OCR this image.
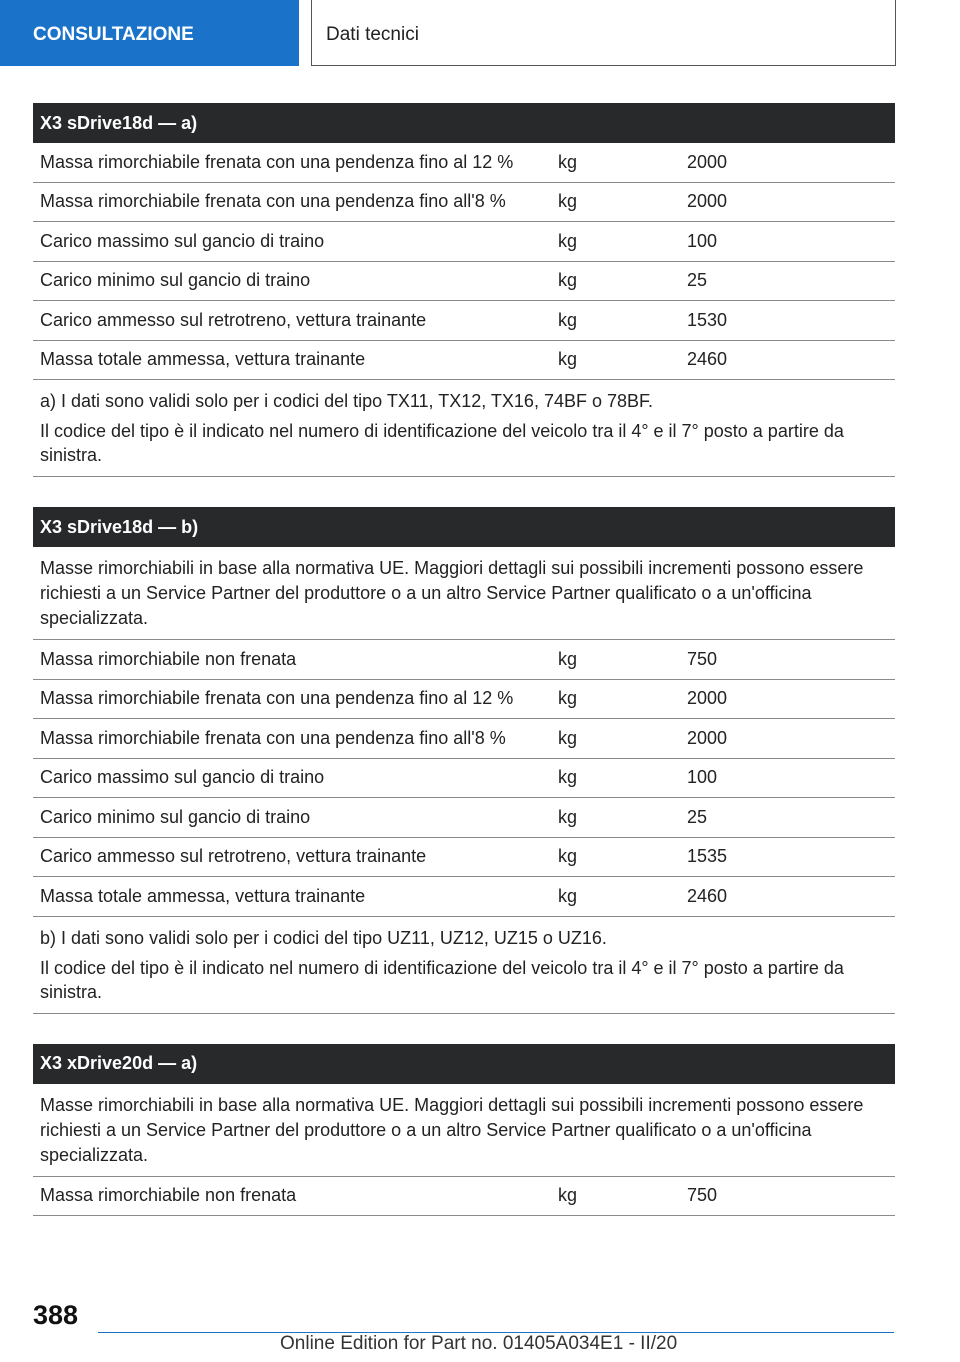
CONSULTAZIONE	Dati tecnici
X3 sDrive18d — a)
Massa rimorchiabile frenata con una pendenza fino al 12 %	kg	2000
Massa rimorchiabile frenata con una pendenza fino all'8 %	kg	2000
Carico massimo sul gancio di traino	kg	100
Carico minimo sul gancio di traino	kg	25
Carico ammesso sul retrotreno, vettura trainante	kg	1530
Massa totale ammessa, vettura trainante	kg	2460

a) I dati sono validi solo per i codici del tipo TX11, TX12, TX16, 74BF o 78BF.

Il codice del tipo è il indicato nel numero di identificazione del veicolo tra il 4° e il 7° posto a partire da sinistra.

X3 sDrive18d — b)
Masse rimorchiabili in base alla normativa UE. Maggiori dettagli sui possibili incrementi possono essere richiesti a un Service Partner del produttore o a un altro Service Partner qualificato o a un'officina specializzata.
Massa rimorchiabile non frenata	kg	750
Massa rimorchiabile frenata con una pendenza fino al 12 %	kg	2000
Massa rimorchiabile frenata con una pendenza fino all'8 %	kg	2000
Carico massimo sul gancio di traino	kg	100
Carico minimo sul gancio di traino	kg	25
Carico ammesso sul retrotreno, vettura trainante	kg	1535
Massa totale ammessa, vettura trainante	kg	2460

b) I dati sono validi solo per i codici del tipo UZ11, UZ12, UZ15 o UZ16.

Il codice del tipo è il indicato nel numero di identificazione del veicolo tra il 4° e il 7° posto a partire da sinistra.

X3 xDrive20d — a)
Masse rimorchiabili in base alla normativa UE. Maggiori dettagli sui possibili incrementi possono essere richiesti a un Service Partner del produttore o a un altro Service Partner qualificato o a un'officina specializzata.
Massa rimorchiabile non frenata	kg	750
388
Online Edition for Part no. 01405A034E1 - II/20
